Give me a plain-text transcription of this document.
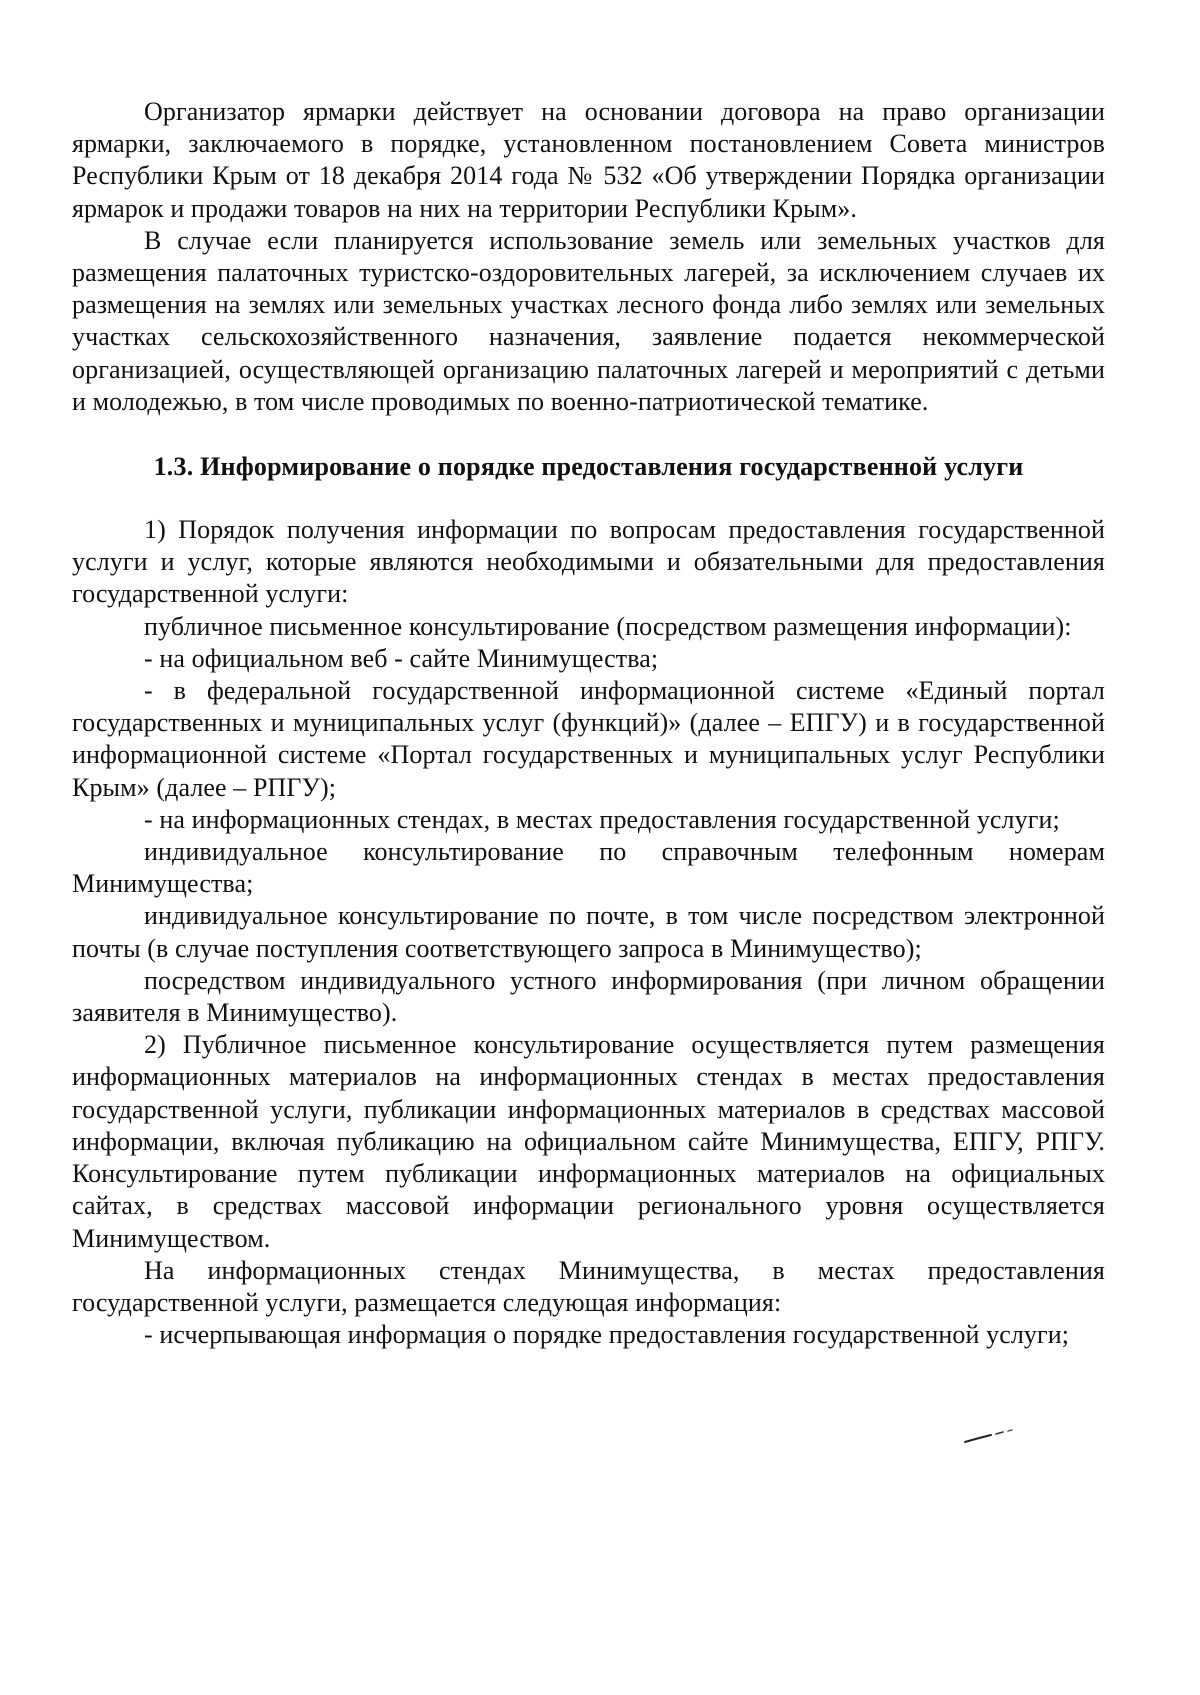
Организатор ярмарки действует на основании договора на право организации ярмарки, заключаемого в порядке, установленном постановлением Совета министров Республики Крым от 18 декабря 2014 года № 532 «Об утверждении Порядка организации ярмарок и продажи товаров на них на территории Республики Крым».

В случае если планируется использование земель или земельных участков для размещения палаточных туристско-оздоровительных лагерей, за исключением случаев их размещения на землях или земельных участках лесного фонда либо землях или земельных участках сельскохозяйственного назначения, заявление подается некоммерческой организацией, осуществляющей организацию палаточных лагерей и мероприятий с детьми и молодежью, в том числе проводимых по военно-патриотической тематике.

1.3. Информирование о порядке предоставления государственной услуги

1) Порядок получения информации по вопросам предоставления государственной услуги и услуг, которые являются необходимыми и обязательными для предоставления государственной услуги:

публичное письменное консультирование (посредством размещения информации):

- на официальном веб - сайте Минимущества;

- в федеральной государственной информационной системе «Единый портал государственных и муниципальных услуг (функций)» (далее – ЕПГУ) и в государственной информационной системе «Портал государственных и муниципальных услуг Республики Крым» (далее – РПГУ);

- на информационных стендах, в местах предоставления государственной услуги;

индивидуальное консультирование по справочным телефонным номерам Минимущества;

индивидуальное консультирование по почте, в том числе посредством электронной почты (в случае поступления соответствующего запроса в Минимущество);

посредством индивидуального устного информирования (при личном обращении заявителя в Минимущество).

2) Публичное письменное консультирование осуществляется путем размещения информационных материалов на информационных стендах в местах предоставления государственной услуги, публикации информационных материалов в средствах массовой информации, включая публикацию на официальном сайте Минимущества, ЕПГУ, РПГУ. Консультирование путем публикации информационных материалов на официальных сайтах, в средствах массовой информации регионального уровня осуществляется Минимуществом.

На информационных стендах Минимущества, в местах предоставления государственной услуги, размещается следующая информация:

- исчерпывающая информация о порядке предоставления государственной услуги;
